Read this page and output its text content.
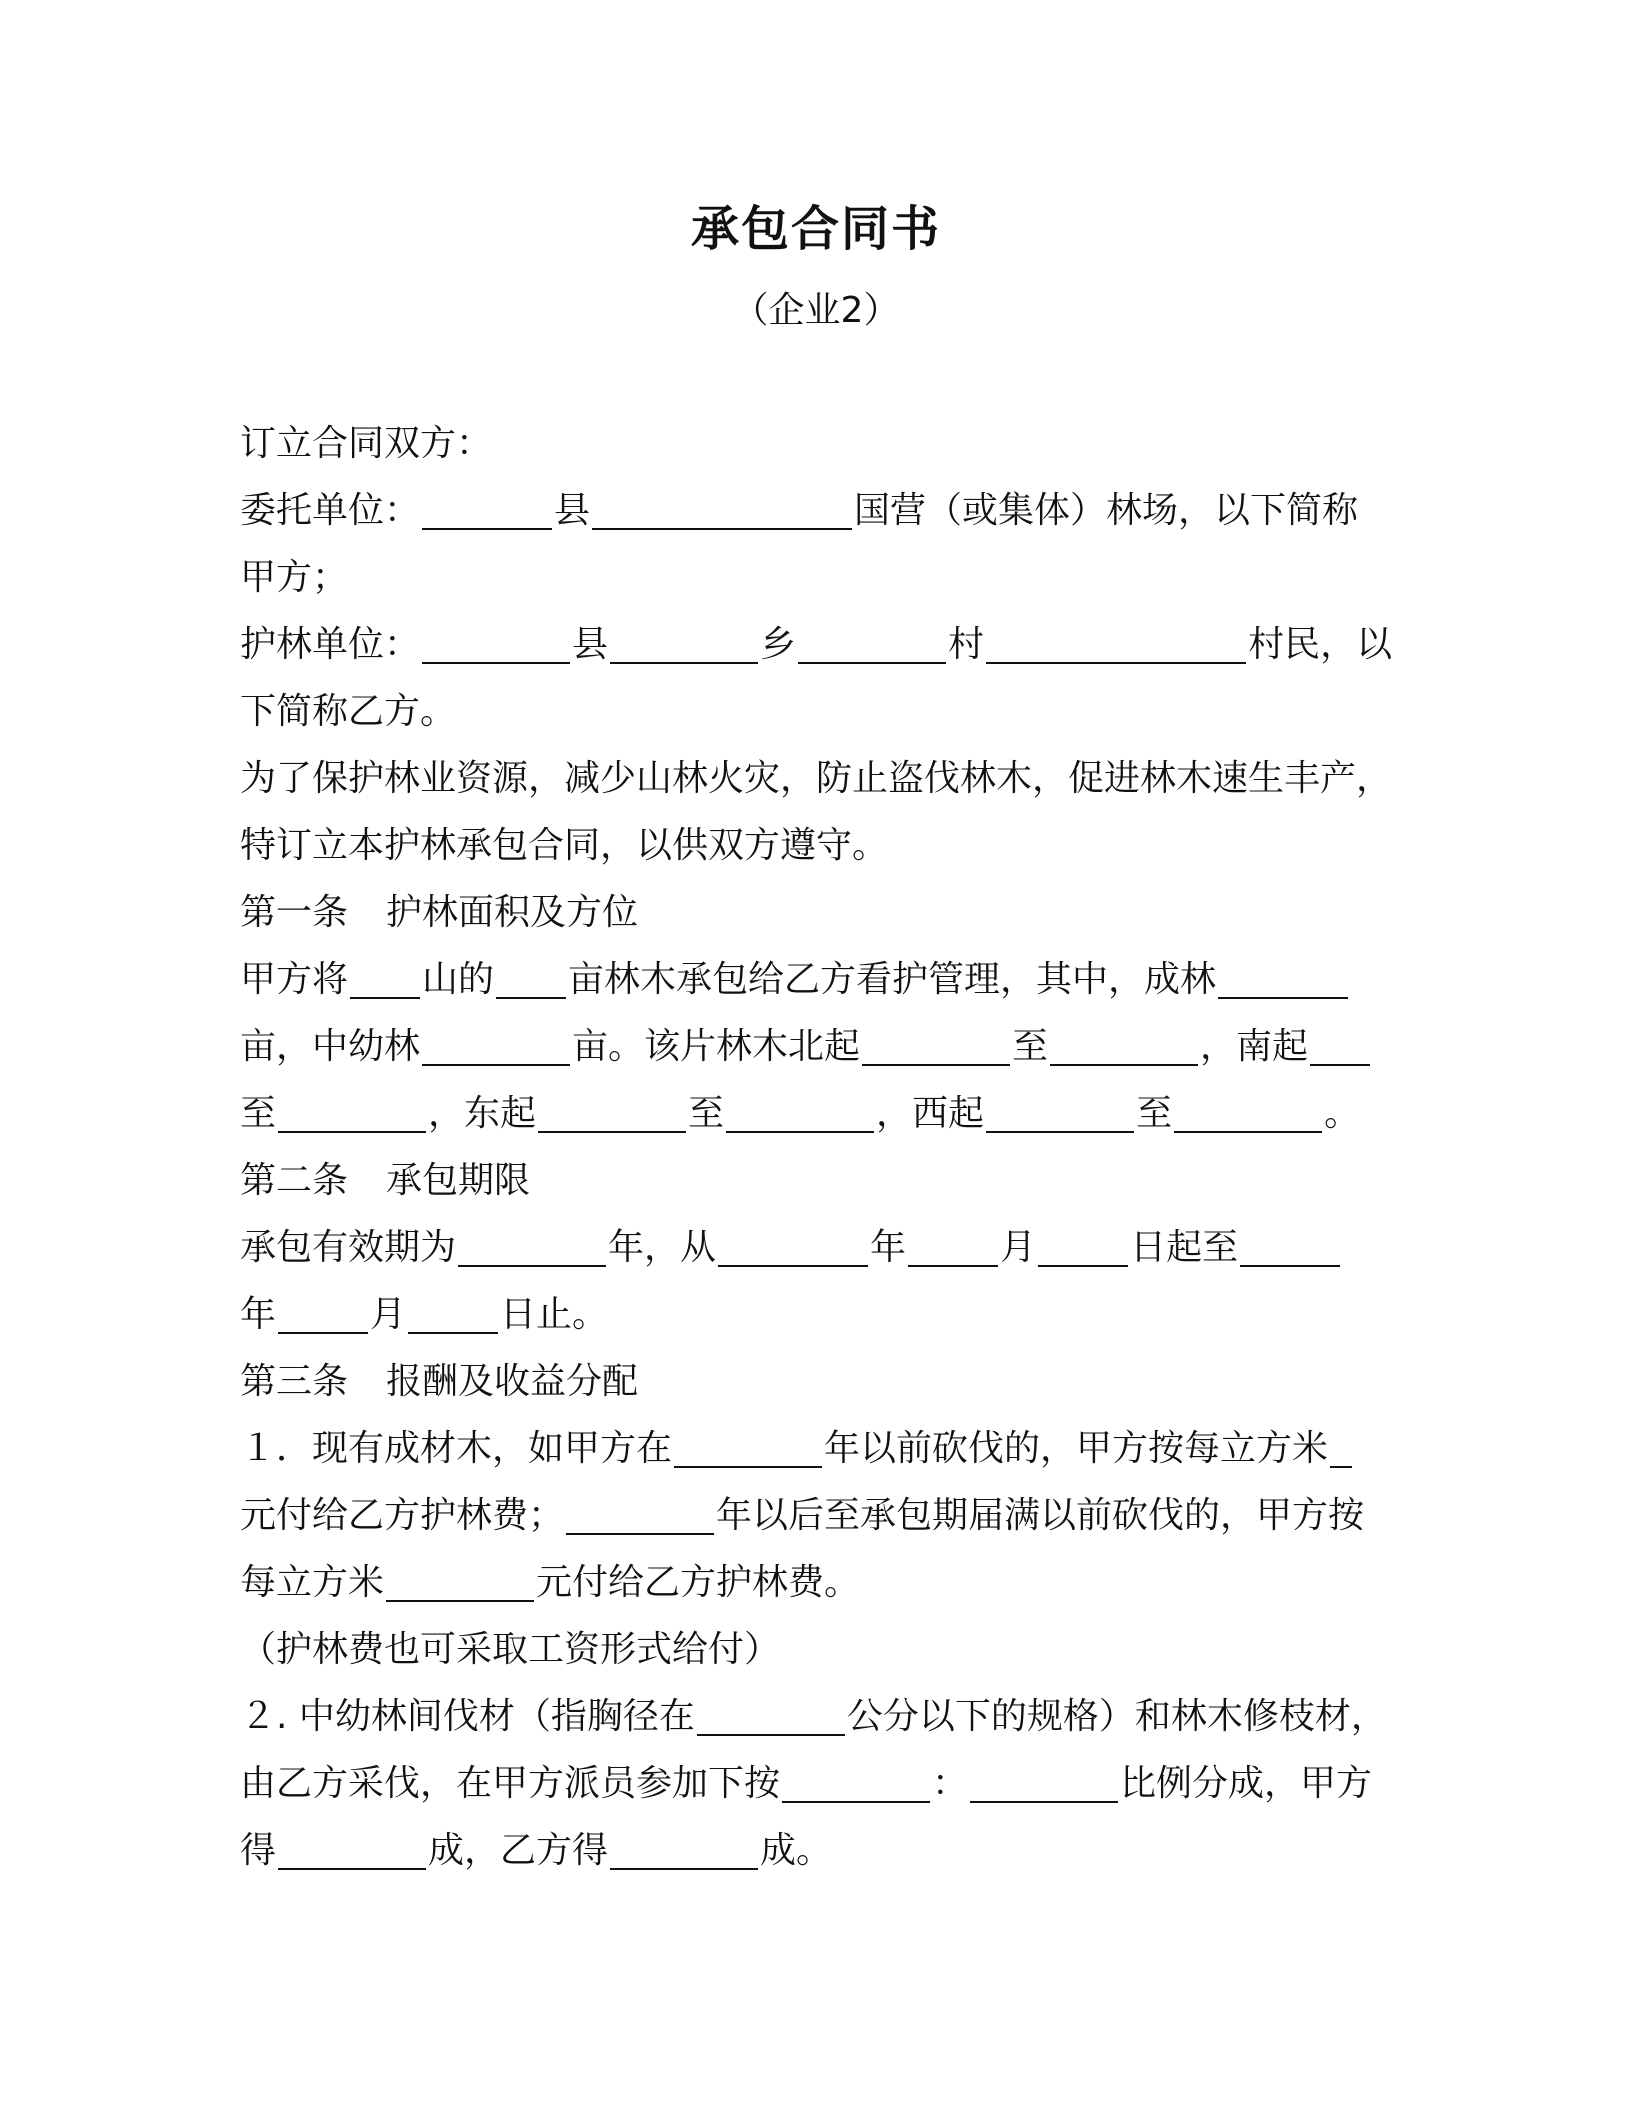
承包合同书
（企业2）
订立合同双方：
委托单位：	县	国营（或集体）林场，以下简称
甲方；
护林单位：	县	乡	村	村民，以
下简称乙方。
为了保护林业资源，减少山林火灾，防止盗伐林木，促进林木速生丰产，
特订立本护林承包合同，以供双方遵守。
第一条 护林面积及方位
甲方将 山的 亩林木承包给乙方看护管理，其中，成林
亩，中幼林	亩。该片林木北起	至	，南起
至	，东起	至	，西起	至	。
第二条 承包期限
承包有效期为	年，从	年	月	日起至
年	月	日止。
第三条 报酬及收益分配
１．现有成材木，如甲方在	年以前砍伐的，甲方按每立方米
元付给乙方护林费；	年以后至承包期届满以前砍伐的，甲方按
每立方米	元付给乙方护林费。
（护林费也可采取工资形式给付）
２. 中幼林间伐材（指胸径在	公分以下的规格）和林木修枝材，
由乙方采伐，在甲方派员参加下按	：	比例分成，甲方
得	成，乙方得	成。
